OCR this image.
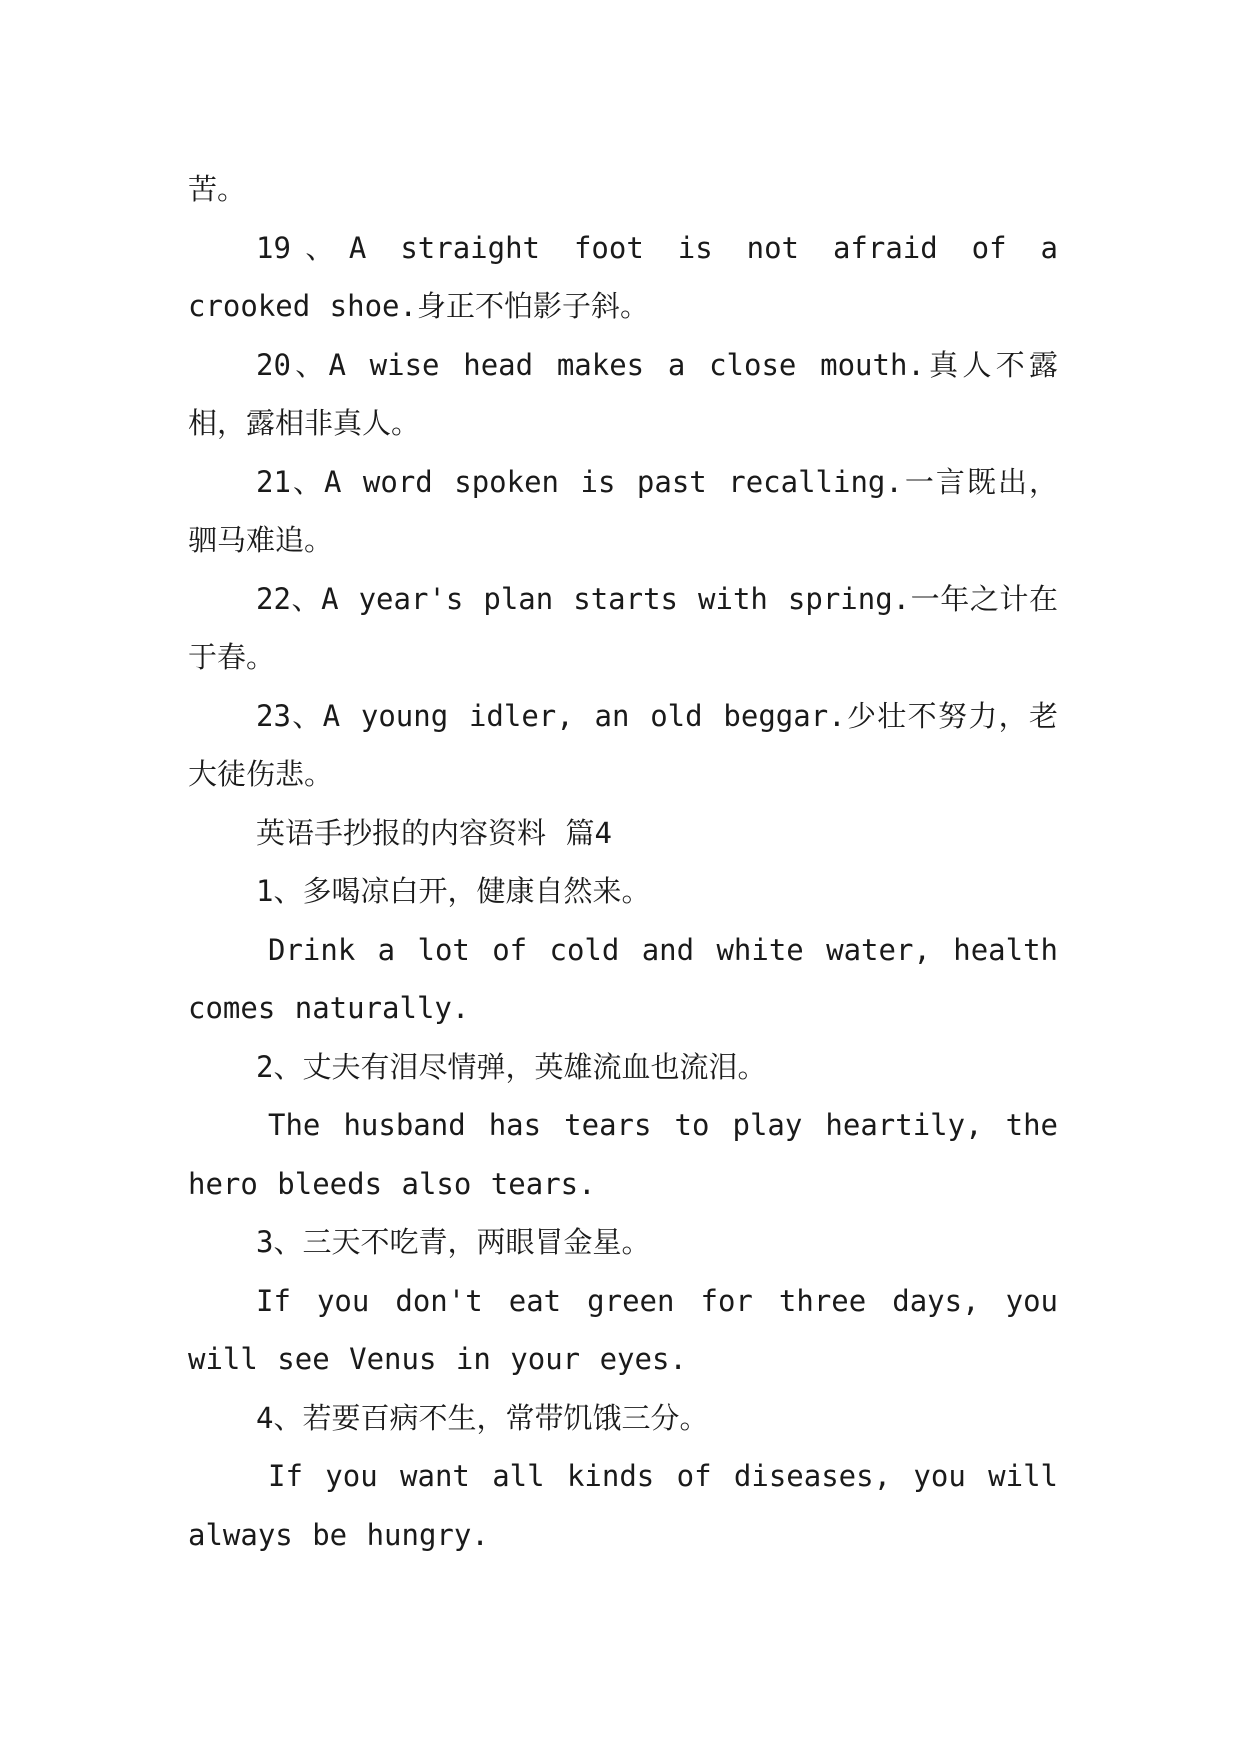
苦。

19、A straight foot is not afraid of a crooked shoe.身正不怕影子斜。

20、A wise head makes a close mouth.真人不露相，露相非真人。

21、A word spoken is past recalling.一言既出，驷马难追。

22、A year's plan starts with spring.一年之计在于春。

23、A young idler, an old beggar.少壮不努力，老大徒伤悲。

英语手抄报的内容资料 篇4

1、多喝凉白开，健康自然来。

Drink a lot of cold and white water, health comes naturally.

2、丈夫有泪尽情弹，英雄流血也流泪。

The husband has tears to play heartily, the hero bleeds also tears.

3、三天不吃青，两眼冒金星。

If you don't eat green for three days, you will see Venus in your eyes.

4、若要百病不生，常带饥饿三分。

If you want all kinds of diseases, you will always be hungry.
